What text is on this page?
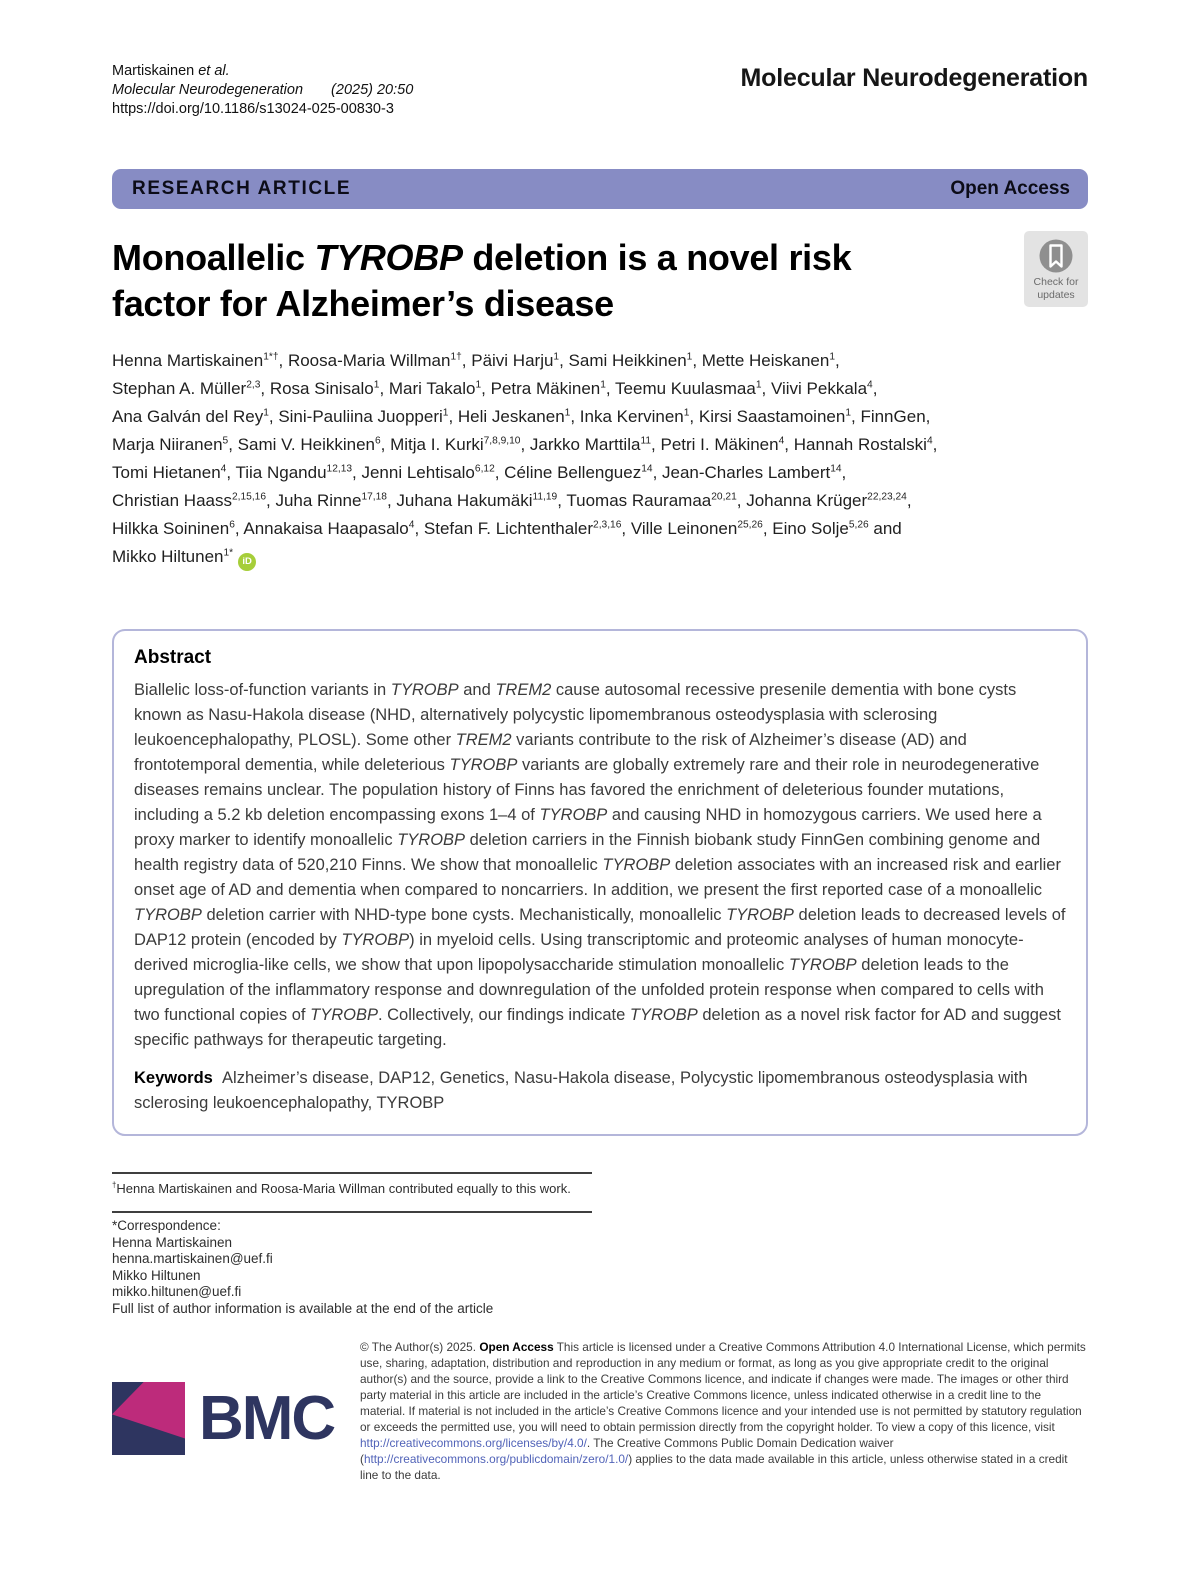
Martiskainen et al.
Molecular Neurodegeneration (2025) 20:50
https://doi.org/10.1186/s13024-025-00830-3
Molecular Neurodegeneration
RESEARCH ARTICLE	Open Access
Monoallelic TYROBP deletion is a novel risk
factor for Alzheimer’s disease
Check for
updates

Henna Martiskainen$^{1*\dagger}$, Roosa-Maria Willman$^{1\dagger}$, Päivi Harju$^1$, Sami Heikkinen$^1$, Mette Heiskanen$^1$,
Stephan A. Müller$^{2,3}$, Rosa Sinisalo$^1$, Mari Takalo$^1$, Petra Mäkinen$^1$, Teemu Kuulasmaa$^1$, Viivi Pekkala$^4$,
Ana Galván del Rey$^1$, Sini-Pauliina Juopperi$^1$, Heli Jeskanen$^1$, Inka Kervinen$^1$, Kirsi Saastamoinen$^1$, FinnGen,
Marja Niiranen$^5$, Sami V. Heikkinen$^6$, Mitja I. Kurki$^{7,8,9,10}$, Jarkko Marttila$^{11}$, Petri I. Mäkinen$^4$, Hannah Rostalski$^4$,
Tomi Hietanen$^4$, Tiia Ngandu$^{12,13}$, Jenni Lehtisalo$^{6,12}$, Céline Bellenguez$^{14}$, Jean-Charles Lambert$^{14}$,
Christian Haass$^{2,15,16}$, Juha Rinne$^{17,18}$, Juhana Hakumäki$^{11,19}$, Tuomas Rauramaa$^{20,21}$, Johanna Krüger$^{22,23,24}$,
Hilkka Soininen$^6$, Annakaisa Haapasalo$^4$, Stefan F. Lichtenthaler$^{2,3,16}$, Ville Leinonen$^{25,26}$, Eino Solje$^{5,26}$ and
Mikko Hiltunen$^{1*}$iD

Abstract

Biallelic loss-of-function variants in TYROBP and TREM2 cause autosomal recessive presenile dementia with bone cysts known as Nasu-Hakola disease (NHD, alternatively polycystic lipomembranous osteodysplasia with sclerosing leukoencephalopathy, PLOSL). Some other TREM2 variants contribute to the risk of Alzheimer’s disease (AD) and frontotemporal dementia, while deleterious TYROBP variants are globally extremely rare and their role in neurodegenerative diseases remains unclear. The population history of Finns has favored the enrichment of deleterious founder mutations, including a 5.2 kb deletion encompassing exons 1–4 of TYROBP and causing NHD in homozygous carriers. We used here a proxy marker to identify monoallelic TYROBP deletion carriers in the Finnish biobank study FinnGen combining genome and health registry data of 520,210 Finns. We show that monoallelic TYROBP deletion associates with an increased risk and earlier onset age of AD and dementia when compared to noncarriers. In addition, we present the first reported case of a monoallelic TYROBP deletion carrier with NHD-type bone cysts. Mechanistically, monoallelic TYROBP deletion leads to decreased levels of DAP12 protein (encoded by TYROBP) in myeloid cells. Using transcriptomic and proteomic analyses of human monocyte-derived microglia-like cells, we show that upon lipopolysaccharide stimulation monoallelic TYROBP deletion leads to the upregulation of the inflammatory response and downregulation of the unfolded protein response when compared to cells with two functional copies of TYROBP. Collectively, our findings indicate TYROBP deletion as a novel risk factor for AD and suggest specific pathways for therapeutic targeting.

Keywords Alzheimer’s disease, DAP12, Genetics, Nasu-Hakola disease, Polycystic lipomembranous osteodysplasia with sclerosing leukoencephalopathy, TYROBP

†Henna Martiskainen and Roosa-Maria Willman contributed equally to this work.

*Correspondence:
Henna Martiskainen
henna.martiskainen@uef.fi
Mikko Hiltunen
mikko.hiltunen@uef.fi
Full list of author information is available at the end of the article
BMC

© The Author(s) 2025. Open Access This article is licensed under a Creative Commons Attribution 4.0 International License, which permits use, sharing, adaptation, distribution and reproduction in any medium or format, as long as you give appropriate credit to the original author(s) and the source, provide a link to the Creative Commons licence, and indicate if changes were made. The images or other third party material in this article are included in the article’s Creative Commons licence, unless indicated otherwise in a credit line to the material. If material is not included in the article’s Creative Commons licence and your intended use is not permitted by statutory regulation or exceeds the permitted use, you will need to obtain permission directly from the copyright holder. To view a copy of this licence, visit http://creativecommons.org/licenses/by/4.0/. The Creative Commons Public Domain Dedication waiver (http://creativecommons.org/publicdomain/zero/1.0/) applies to the data made available in this article, unless otherwise stated in a credit line to the data.
